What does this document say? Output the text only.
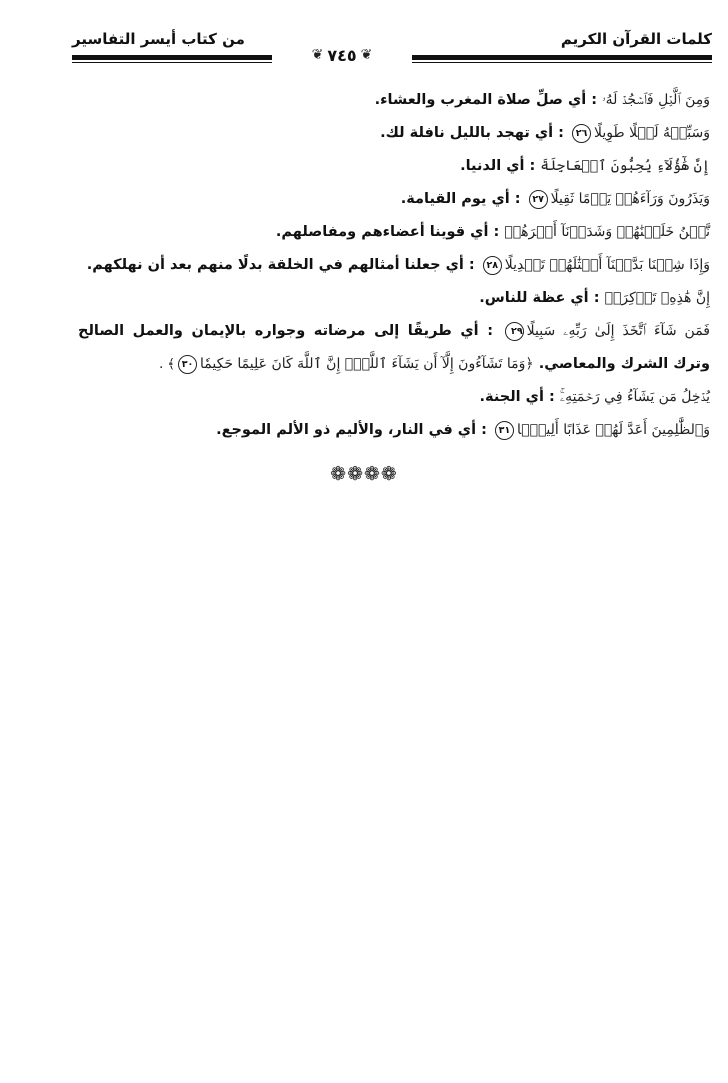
كلمات القرآن الكريم
من كتاب أيسر التفاسير
❦
٧٤٥
❦
وَمِنَ ٱلَّيۡلِ فَٱسۡجُدۡ لَهُۥ : أي صلِّ صلاة المغرب والعشاء.
وَسَبِّحۡهُ لَيۡلًا طَوِيلًا٢٦ : أي تهجد بالليل نافلة لك.
إِنَّ هَٰٓؤُلَآءِ يُحِبُّونَ ٱلۡعَاجِلَةَ : أي الدنيا.
وَيَذَرُونَ وَرَآءَهُمۡ يَوۡمًا ثَقِيلًا٢٧ : أي يوم القيامة.
نَّحۡنُ خَلَقۡنَٰهُمۡ وَشَدَدۡنَآ أَسۡرَهُمۡ : أي قوينا أعضاءهم ومفاصلهم.
وَإِذَا شِئۡنَا بَدَّلۡنَآ أَمۡثَٰلَهُمۡ تَبۡدِيلًا٢٨ : أي جعلنا أمثالهم في الخلقة بدلًا منهم بعد أن نهلكهم.
إِنَّ هَٰذِهِۦ تَذۡكِرَةٞ : أي عظة للناس.
فَمَن شَآءَ ٱتَّخَذَ إِلَىٰ رَبِّهِۦ سَبِيلًا٢٩ : أي طريقًا إلى مرضاته وجواره بالإيمان والعمل الصالح
وترك الشرك والمعاصي. ﴿وَمَا تَشَآءُونَ إِلَّآ أَن يَشَآءَ ٱللَّهُۚ إِنَّ ٱللَّهَ كَانَ عَلِيمًا حَكِيمٗا٣٠﴾ .
يُدۡخِلُ مَن يَشَآءُ فِي رَحۡمَتِهِۦۚ : أي الجنة.
وَٱلظَّٰلِمِينَ أَعَدَّ لَهُمۡ عَذَابًا أَلِيمَۢا٣١ : أي في النار، والأليم ذو الألم الموجع.
❁❁❁❁
